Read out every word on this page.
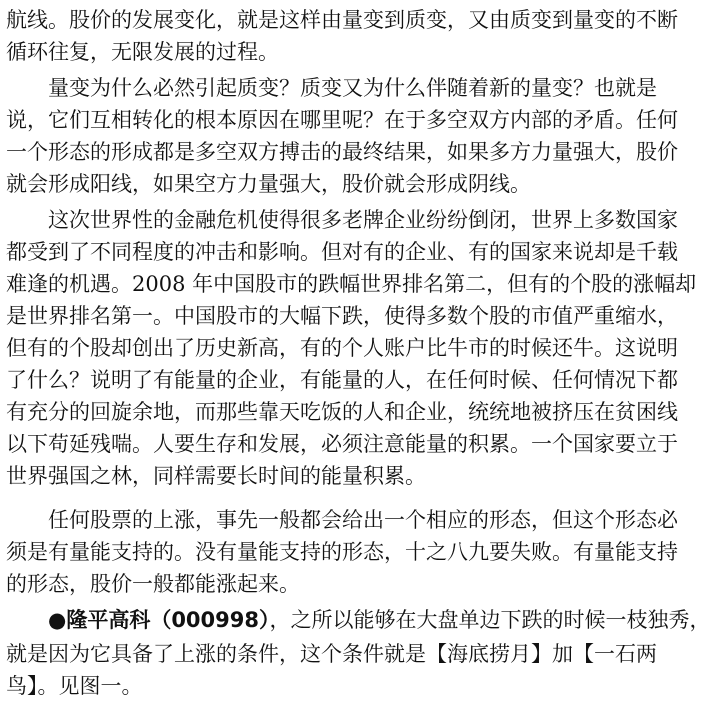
航线。股价的发展变化，就是这样由量变到质变，又由质变到量变的不断
循环往复，无限发展的过程。
　　量变为什么必然引起质变？质变又为什么伴随着新的量变？也就是
说，它们互相转化的根本原因在哪里呢？在于多空双方内部的矛盾。任何
一个形态的形成都是多空双方搏击的最终结果，如果多方力量强大，股价
就会形成阳线，如果空方力量强大，股价就会形成阴线。
　　这次世界性的金融危机使得很多老牌企业纷纷倒闭，世界上多数国家
都受到了不同程度的冲击和影响。但对有的企业、有的国家来说却是千载
难逢的机遇。2008 年中国股市的跌幅世界排名第二，但有的个股的涨幅却
是世界排名第一。中国股市的大幅下跌，使得多数个股的市值严重缩水，
但有的个股却创出了历史新高，有的个人账户比牛市的时候还牛。这说明
了什么？说明了有能量的企业，有能量的人，在任何时候、任何情况下都
有充分的回旋余地，而那些靠天吃饭的人和企业，统统地被挤压在贫困线
以下苟延残喘。人要生存和发展，必须注意能量的积累。一个国家要立于
世界强国之林，同样需要长时间的能量积累。
　　任何股票的上涨，事先一般都会给出一个相应的形态，但这个形态必
须是有量能支持的。没有量能支持的形态，十之八九要失败。有量能支持
的形态，股价一般都能涨起来。
　　●隆平高科（000998），之所以能够在大盘单边下跌的时候一枝独秀，
就是因为它具备了上涨的条件，这个条件就是【海底捞月】加【一石两
鸟】。见图一。
